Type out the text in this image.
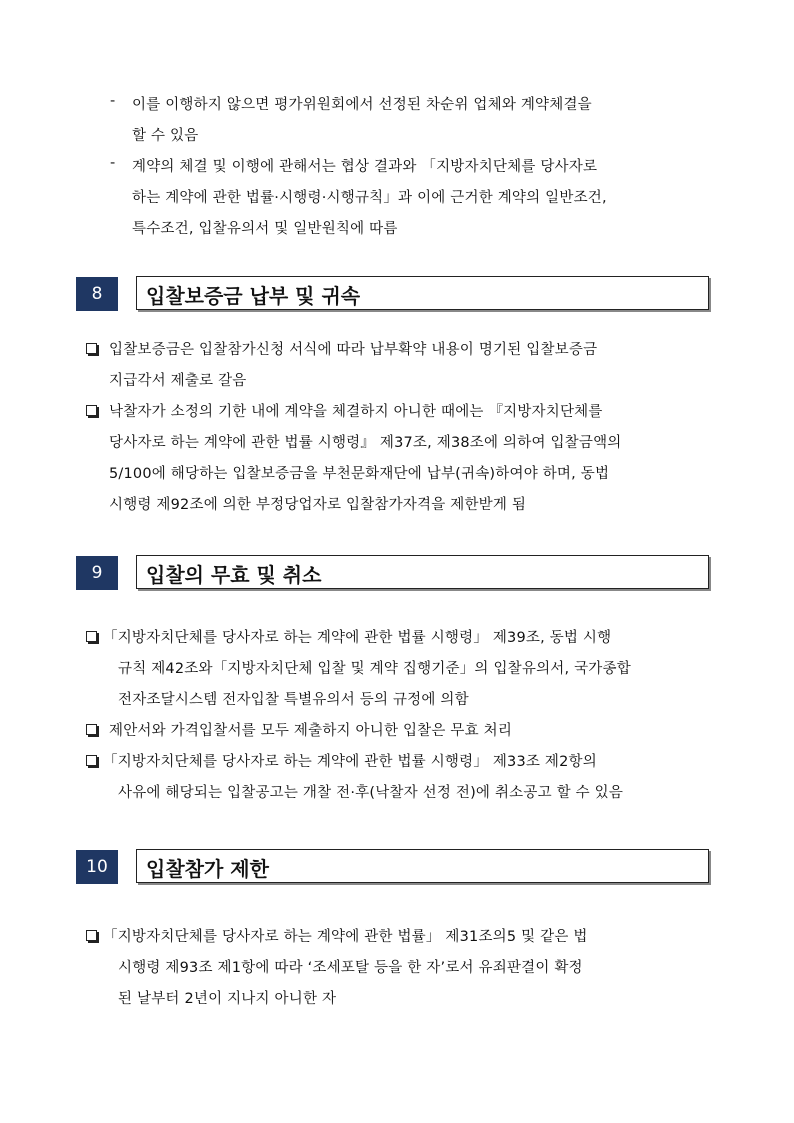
- 이를 이행하지 않으면 평가위원회에서 선정된 차순위 업체와 계약체결을
할 수 있음
- 계약의 체결 및 이행에 관해서는 협상 결과와 「지방자치단체를 당사자로
하는 계약에 관한 법률·시행령·시행규칙」과 이에 근거한 계약의 일반조건,
특수조건, 입찰유의서 및 일반원칙에 따름
8	입찰보증금 납부 및 귀속
입찰보증금은 입찰참가신청 서식에 따라 납부확약 내용이 명기된 입찰보증금
지급각서 제출로 갈음
낙찰자가 소정의 기한 내에 계약을 체결하지 아니한 때에는 『지방자치단체를
당사자로 하는 계약에 관한 법률 시행령』 제37조, 제38조에 의하여 입찰금액의
5/100에 해당하는 입찰보증금을 부천문화재단에 납부(귀속)하여야 하며, 동법
시행령 제92조에 의한 부정당업자로 입찰참가자격을 제한받게 됨
9	입찰의 무효 및 취소
「지방자치단체를 당사자로 하는 계약에 관한 법률 시행령」 제39조, 동법 시행
규칙 제42조와「지방자치단체 입찰 및 계약 집행기준」의 입찰유의서, 국가종합
전자조달시스템 전자입찰 특별유의서 등의 규정에 의함
제안서와 가격입찰서를 모두 제출하지 아니한 입찰은 무효 처리
「지방자치단체를 당사자로 하는 계약에 관한 법률 시행령」 제33조 제2항의
사유에 해당되는 입찰공고는 개찰 전·후(낙찰자 선정 전)에 취소공고 할 수 있음
10	입찰참가 제한
「지방자치단체를 당사자로 하는 계약에 관한 법률」 제31조의5 및 같은 법
시행령 제93조 제1항에 따라 ‘조세포탈 등을 한 자’로서 유죄판결이 확정
된 날부터 2년이 지나지 아니한 자
